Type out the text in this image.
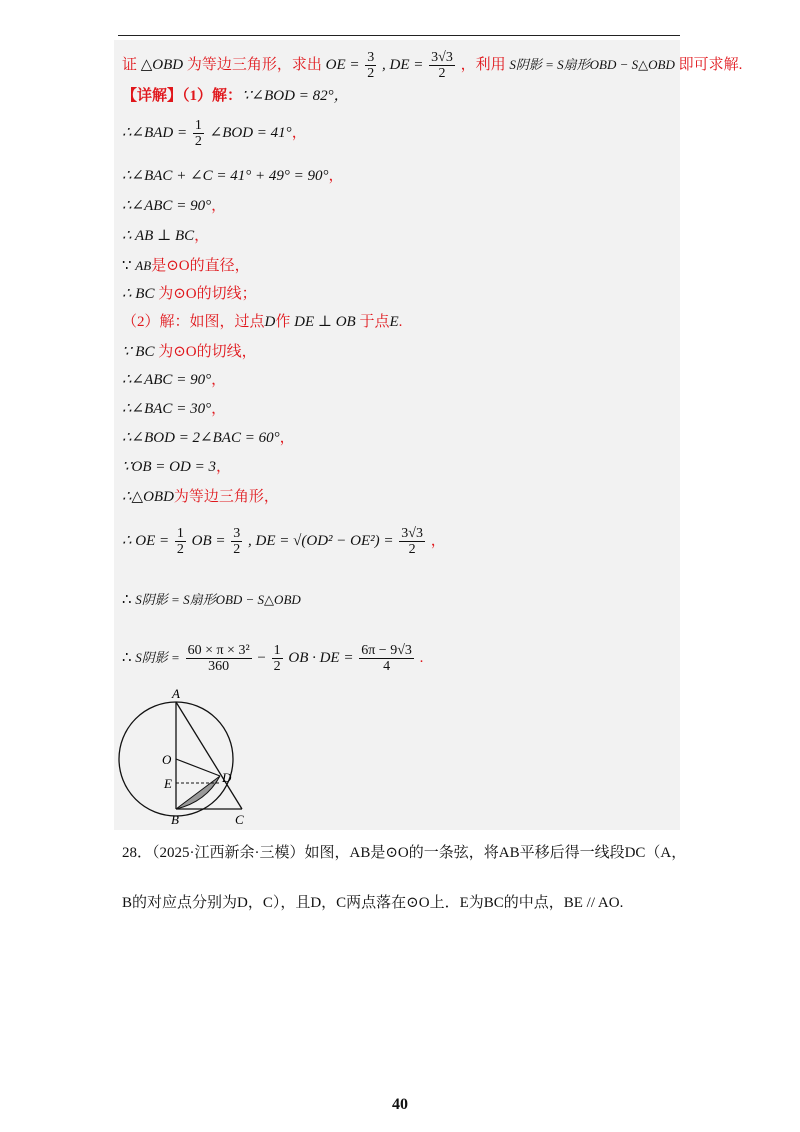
证 △OBD 为等边三角形，求出 OE = $\frac{3}{2}$ , DE = $\frac{3√3}{2}$ ，利用 S阴影 = S扇形OBD − S△OBD 即可求解.
【详解】（1）解：∵∠BOD = 82°，
∴∠BAD = $\frac{1}{2}$ ∠BOD = 41°，
∴∠BAC + ∠C = 41° + 49° = 90°，
∴∠ABC = 90°，
∴ AB ⊥ BC，
∵ AB是⊙O的直径，
∴ BC 为⊙O的切线；
（2）解：如图，过点D作 DE ⊥ OB 于点E.
∵ BC 为⊙O的切线，
∴∠ABC = 90°，
∴∠BAC = 30°，
∴∠BOD = 2∠BAC = 60°，
∵OB = OD = 3，
∴△OBD为等边三角形，
∴ OE = $\frac{1}{2}$ OB = $\frac{3}{2}$ , DE = $√(OD^2 - OE^2) = \frac{3√3}{2}$ ，
∴ S阴影 = S扇形OBD − S△OBD
∴ S阴影 = $\frac{\text{60 × π × 3²}}{360} - \frac{1}{2}$ OB · DE = $\frac{6\pi - 9√3}{4}$ .
A
O
E	D
B	C
28．（2025·江西新余·三模）如图，AB是⊙O的一条弦，将AB平移后得一线段DC（A，
B的对应点分别为D，C），且D，C两点落在⊙O上．E为BC的中点，BE // AO.
40
